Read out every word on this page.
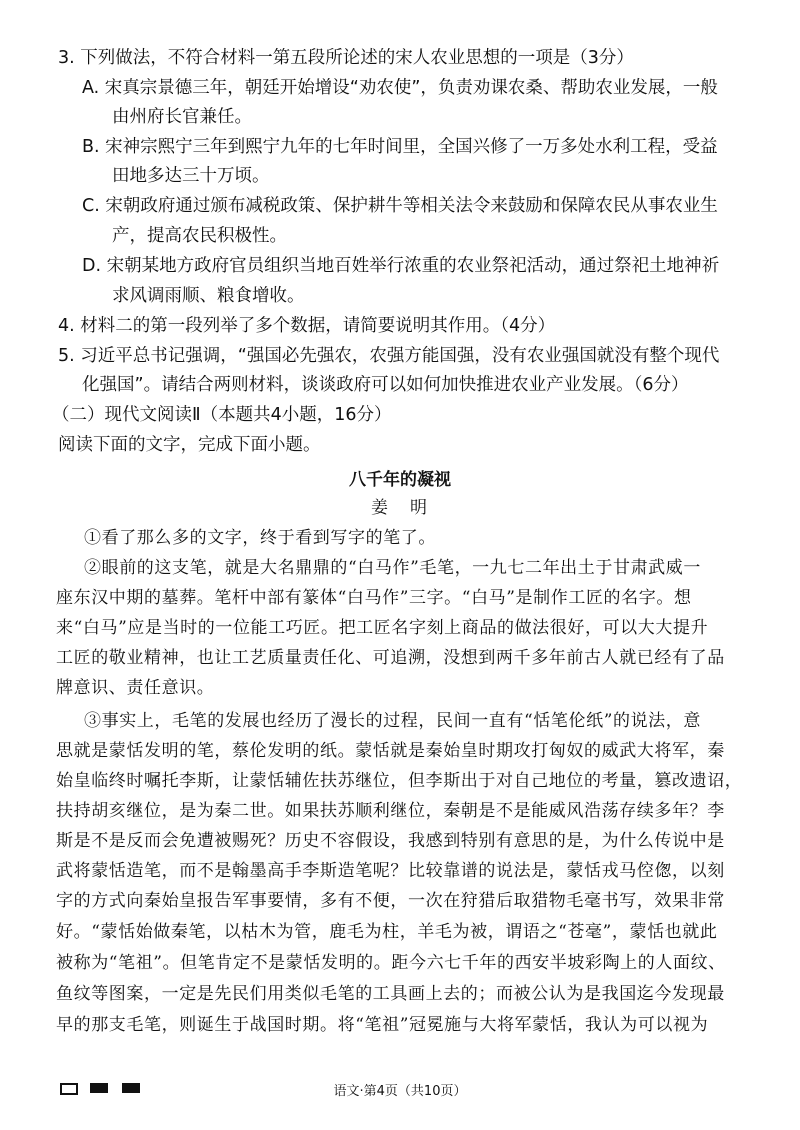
3. 下列做法，不符合材料一第五段所论述的宋人农业思想的一项是（3分）
A. 宋真宗景德三年，朝廷开始增设“劝农使”，负责劝课农桑、帮助农业发展，一般
由州府长官兼任。
B. 宋神宗熙宁三年到熙宁九年的七年时间里，全国兴修了一万多处水利工程，受益
田地多达三十万顷。
C. 宋朝政府通过颁布减税政策、保护耕牛等相关法令来鼓励和保障农民从事农业生
产，提高农民积极性。
D. 宋朝某地方政府官员组织当地百姓举行浓重的农业祭祀活动，通过祭祀土地神祈
求风调雨顺、粮食增收。
4. 材料二的第一段列举了多个数据，请简要说明其作用。（4分）
5. 习近平总书记强调，“强国必先强农，农强方能国强，没有农业强国就没有整个现代
化强国”。请结合两则材料，谈谈政府可以如何加快推进农业产业发展。（6分）
（二）现代文阅读Ⅱ（本题共4小题，16分）
阅读下面的文字，完成下面小题。
八千年的凝视
姜明
①看了那么多的文字，终于看到写字的笔了。
②眼前的这支笔，就是大名鼎鼎的“白马作”毛笔，一九七二年出土于甘肃武威一
座东汉中期的墓葬。笔杆中部有篆体“白马作”三字。“白马”是制作工匠的名字。想
来“白马”应是当时的一位能工巧匠。把工匠名字刻上商品的做法很好，可以大大提升
工匠的敬业精神，也让工艺质量责任化、可追溯，没想到两千多年前古人就已经有了品
牌意识、责任意识。
③事实上，毛笔的发展也经历了漫长的过程，民间一直有“恬笔伦纸”的说法，意
思就是蒙恬发明的笔，蔡伦发明的纸。蒙恬就是秦始皇时期攻打匈奴的威武大将军，秦
始皇临终时嘱托李斯，让蒙恬辅佐扶苏继位，但李斯出于对自己地位的考量，篡改遗诏，
扶持胡亥继位，是为秦二世。如果扶苏顺利继位，秦朝是不是能威风浩荡存续多年？李
斯是不是反而会免遭被赐死？历史不容假设，我感到特别有意思的是，为什么传说中是
武将蒙恬造笔，而不是翰墨高手李斯造笔呢？比较靠谱的说法是，蒙恬戎马倥偬，以刻
字的方式向秦始皇报告军事要情，多有不便，一次在狩猎后取猎物毛毫书写，效果非常
好。“蒙恬始做秦笔，以枯木为管，鹿毛为柱，羊毛为被，谓语之“苍毫”，蒙恬也就此
被称为“笔祖”。但笔肯定不是蒙恬发明的。距今六七千年的西安半坡彩陶上的人面纹、
鱼纹等图案，一定是先民们用类似毛笔的工具画上去的；而被公认为是我国迄今发现最
早的那支毛笔，则诞生于战国时期。将“笔祖”冠冕施与大将军蒙恬，我认为可以视为
语文·第4页（共10页）
